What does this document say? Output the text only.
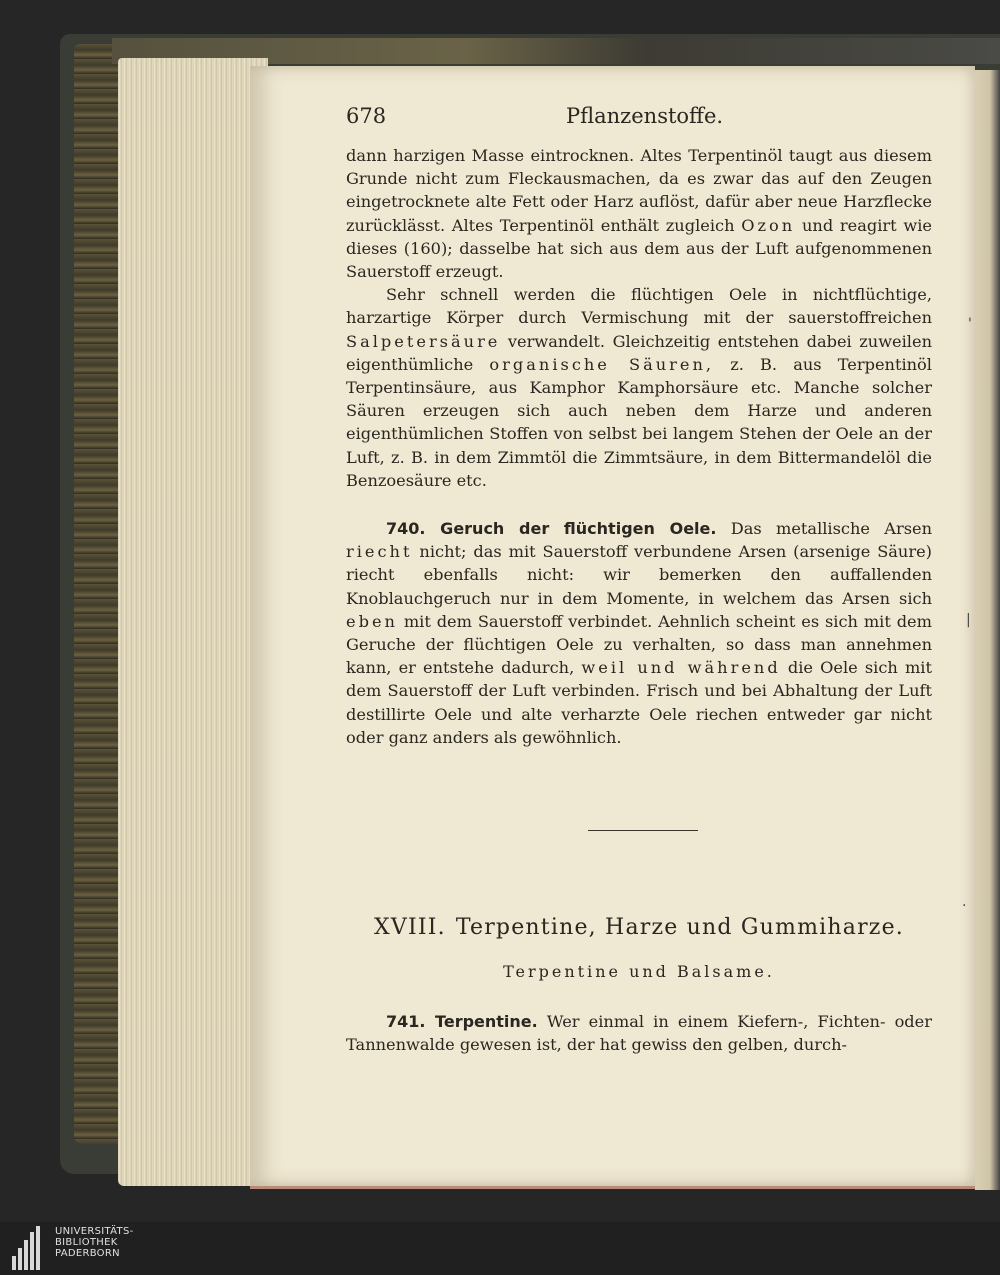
678	Pflanzenstoffe.
dann harzigen Masse eintrocknen. Altes Terpentinöl taugt aus diesem Grunde nicht zum Fleckausmachen, da es zwar das auf den Zeugen eingetrocknete alte Fett oder Harz auflöst, dafür aber neue Harzflecke zurücklässt. Altes Terpentinöl enthält zugleich Ozon und reagirt wie dieses (160); dasselbe hat sich aus dem aus der Luft aufgenommenen Sauerstoff erzeugt.
Sehr schnell werden die flüchtigen Oele in nichtflüchtige, harzartige Körper durch Vermischung mit der sauerstoffreichen Salpetersäure verwandelt. Gleichzeitig entstehen dabei zuweilen eigenthümliche organische Säuren, z. B. aus Terpentinöl Terpentinsäure, aus Kamphor Kamphorsäure etc. Manche solcher Säuren erzeugen sich auch neben dem Harze und anderen eigenthümlichen Stoffen von selbst bei langem Stehen der Oele an der Luft, z. B. in dem Zimmtöl die Zimmtsäure, in dem Bittermandelöl die Benzoesäure etc.
740. Geruch der flüchtigen Oele. Das metallische Arsen riecht nicht; das mit Sauerstoff verbundene Arsen (arsenige Säure) riecht ebenfalls nicht: wir bemerken den auffallenden Knoblauchgeruch nur in dem Momente, in welchem das Arsen sich eben mit dem Sauerstoff verbindet. Aehnlich scheint es sich mit dem Geruche der flüchtigen Oele zu verhalten, so dass man annehmen kann, er entstehe dadurch, weil und während die Oele sich mit dem Sauerstoff der Luft verbinden. Frisch und bei Abhaltung der Luft destillirte Oele und alte verharzte Oele riechen entweder gar nicht oder ganz anders als gewöhnlich.
XVIII. Terpentine, Harze und Gummiharze.
Terpentine und Balsame.
741. Terpentine. Wer einmal in einem Kiefern-, Fichten- oder Tannenwalde gewesen ist, der hat gewiss den gelben, durch-
'
|
·
UNIVERSITÄTS-
BIBLIOTHEK
PADERBORN
